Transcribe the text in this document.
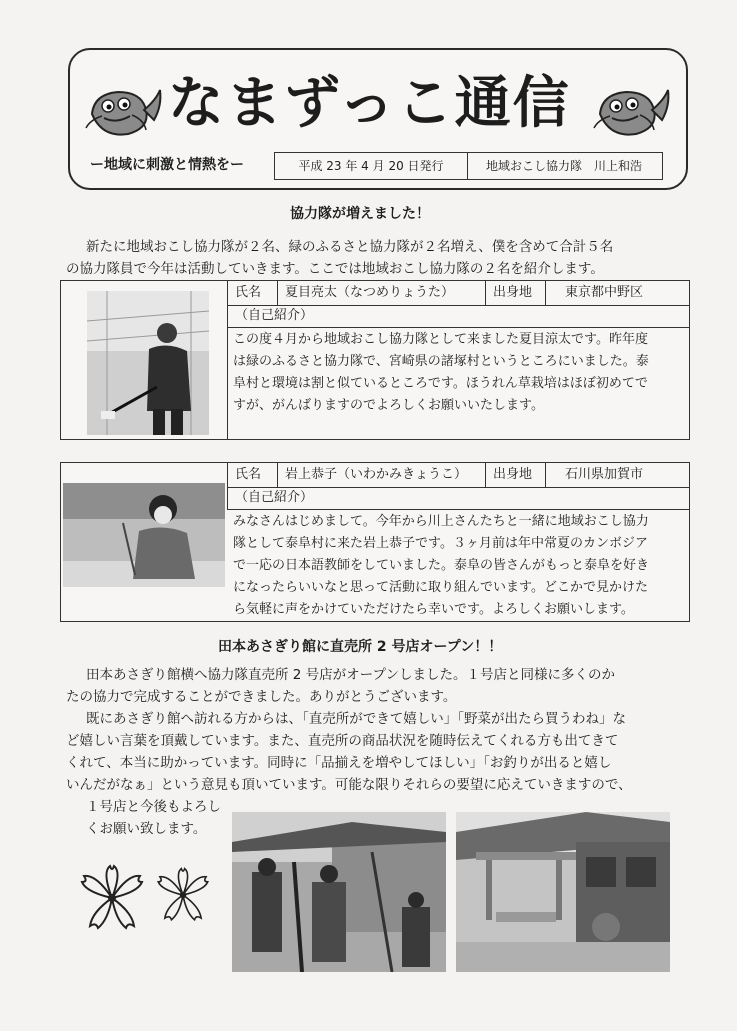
なまずっこ通信
ー地域に刺激と情熱をー	平成 23 年 4 月 20 日発行	地域おこし協力隊　川上和浩
協力隊が増えました！
新たに地域おこし協力隊が２名、緑のふるさと協力隊が２名増え、僕を含めて合計５名
の協力隊員で今年は活動していきます。ここでは地域おこし協力隊の２名を紹介します。
氏名 夏目亮太（なつめりょうた）	出身地	東京都中野区
（自己紹介）
この度４月から地域おこし協力隊として来ました夏目涼太です。昨年度
は緑のふるさと協力隊で、宮崎県の諸塚村というところにいました。泰
阜村と環境は割と似ているところです。ほうれん草栽培はほぼ初めてで
すが、がんばりますのでよろしくお願いいたします。
氏名 岩上恭子（いわかみきょうこ） 出身地	石川県加賀市
（自己紹介）
みなさんはじめまして。今年から川上さんたちと一緒に地域おこし協力
隊として泰阜村に来た岩上恭子です。３ヶ月前は年中常夏のカンボジア
で一応の日本語教師をしていました。泰阜の皆さんがもっと泰阜を好き
になったらいいなと思って活動に取り組んでいます。どこかで見かけた
ら気軽に声をかけていただけたら幸いです。よろしくお願いします。
田本あさぎり館に直売所 2 号店オープン！！
田本あさぎり館横へ協力隊直売所 2 号店がオープンしました。１号店と同様に多くのか
たの協力で完成することができました。ありがとうございます。
既にあさぎり館へ訪れる方からは、「直売所ができて嬉しい」「野菜が出たら買うわね」な
ど嬉しい言葉を頂戴しています。また、直売所の商品状況を随時伝えてくれる方も出てきて
くれて、本当に助かっています。同時に「品揃えを増やしてほしい」「お釣りが出ると嬉し
いんだがなぁ」という意見も頂いています。可能な限りそれらの要望に応えていきますので、
１号店と今後もよろし
くお願い致します。
